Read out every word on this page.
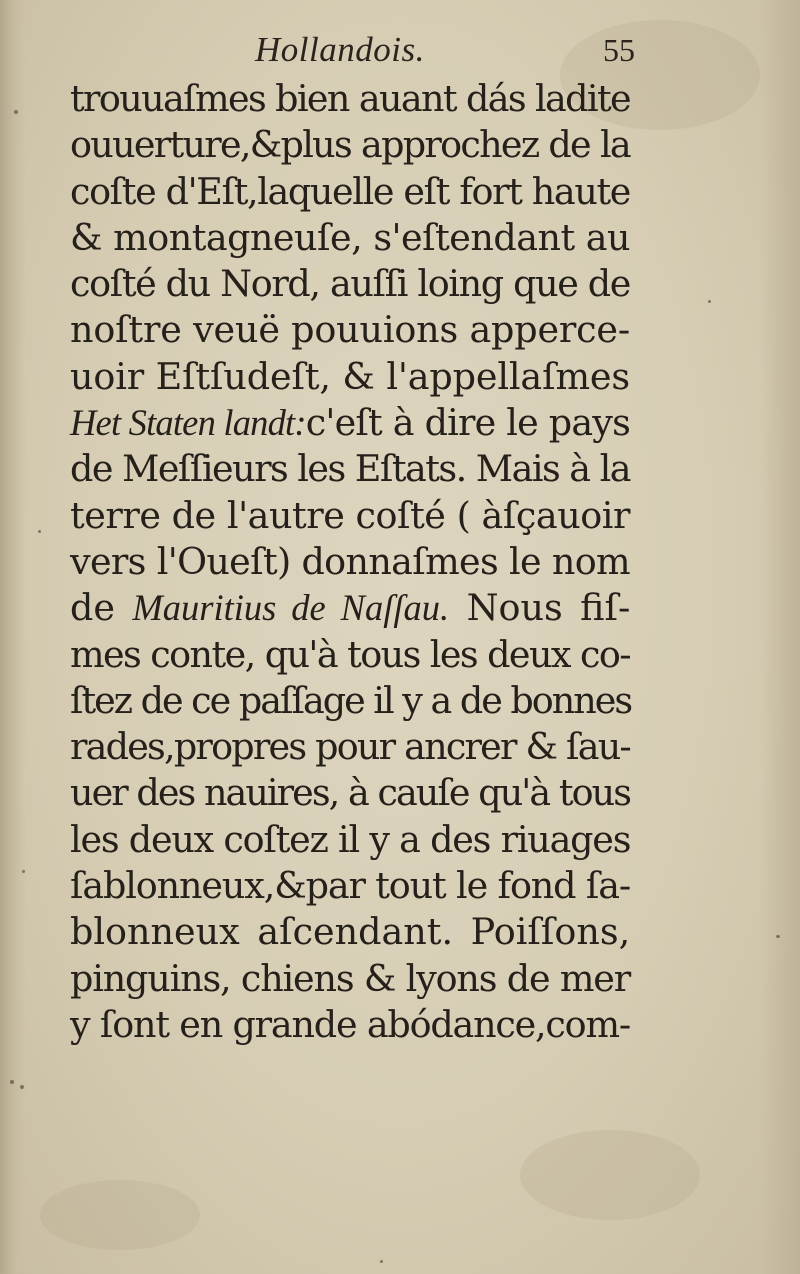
Hollandois.	55
trouuaſmes bien auant dás ladite
ouuerture,&plus approchez de la
coſte d'Eſt,laquelle eſt fort haute
& montagneuſe, s'eſtendant au
coſté du Nord, auſſi loing que de
noſtre veuë pouuions apperce-
uoir Eſtſudeſt, & l'appellaſmes
Het Staten landt:c'eſt à dire le pays
de Meſſieurs les Eſtats. Mais à la
terre de l'autre coſté ( àſçauoir
vers l'Oueſt) donnaſmes le nom
de Mauritius de Naſſau. Nous fiſ-
mes conte, qu'à tous les deux co-
ſtez de ce paſſage il y a de bonnes
rades,propres pour ancrer & ſau-
uer des nauires, à cauſe qu'à tous
les deux coſtez il y a des riuages
ſablonneux,&par tout le fond ſa-
blonneux aſcendant. Poiſſons,
pinguins, chiens & lyons de mer
y ſont en grande abódance,com-
